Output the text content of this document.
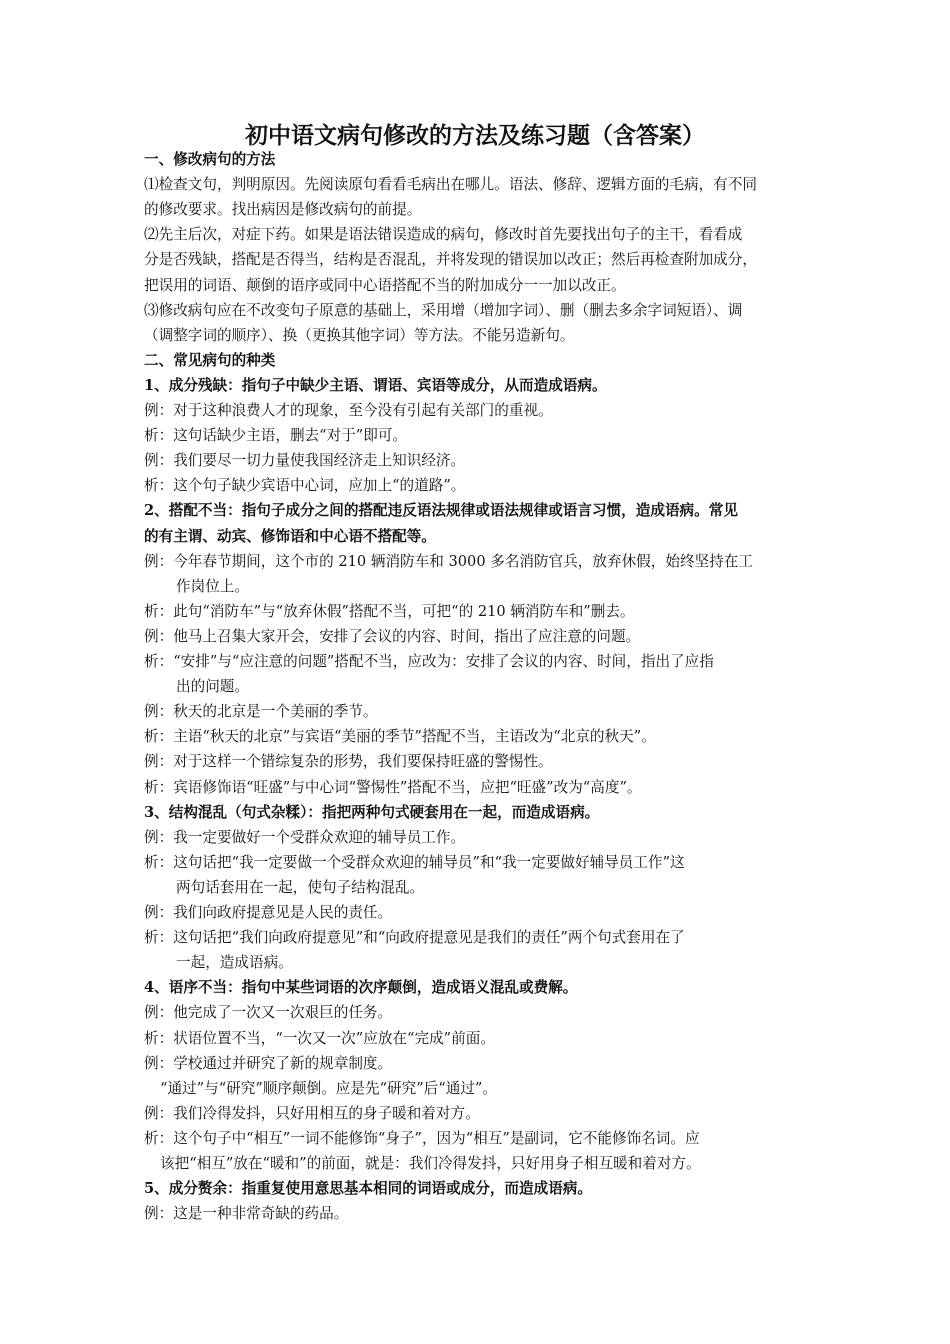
初中语文病句修改的方法及练习题（含答案）
一、修改病句的方法
⑴检查文句，判明原因。先阅读原句看看毛病出在哪儿。语法、修辞、逻辑方面的毛病，有不同
的修改要求。找出病因是修改病句的前提。
⑵先主后次，对症下药。如果是语法错误造成的病句，修改时首先要找出句子的主干，看看成
分是否残缺，搭配是否得当，结构是否混乱，并将发现的错误加以改正；然后再检查附加成分，
把误用的词语、颠倒的语序或同中心语搭配不当的附加成分一一加以改正。
⑶修改病句应在不改变句子原意的基础上，采用增（增加字词）、删（删去多余字词短语）、调
（调整字词的顺序）、换（更换其他字词）等方法。不能另造新句。
二、常见病句的种类
1、成分残缺：指句子中缺少主语、谓语、宾语等成分，从而造成语病。
例：对于这种浪费人才的现象，至今没有引起有关部门的重视。
析：这句话缺少主语，删去“对于”即可。
例：我们要尽一切力量使我国经济走上知识经济。
析：这个句子缺少宾语中心词，应加上“的道路”。
2、搭配不当：指句子成分之间的搭配违反语法规律或语法规律或语言习惯，造成语病。常见
的有主谓、动宾、修饰语和中心语不搭配等。
例：今年春节期间，这个市的 210 辆消防车和 3000 多名消防官兵，放弃休假，始终坚持在工
作岗位上。
析：此句“消防车”与“放弃休假”搭配不当，可把“的 210 辆消防车和”删去。
例：他马上召集大家开会，安排了会议的内容、时间，指出了应注意的问题。
析：“安排”与“应注意的问题”搭配不当，应改为：安排了会议的内容、时间，指出了应指
出的问题。
例：秋天的北京是一个美丽的季节。
析：主语“秋天的北京”与宾语“美丽的季节”搭配不当，主语改为“北京的秋天”。
例：对于这样一个错综复杂的形势，我们要保持旺盛的警惕性。
析：宾语修饰语“旺盛”与中心词“警惕性”搭配不当，应把“旺盛”改为“高度”。
3、结构混乱（句式杂糅）：指把两种句式硬套用在一起，而造成语病。
例：我一定要做好一个受群众欢迎的辅导员工作。
析：这句话把“我一定要做一个受群众欢迎的辅导员”和“我一定要做好辅导员工作”这
两句话套用在一起，使句子结构混乱。
例：我们向政府提意见是人民的责任。
析：这句话把“我们向政府提意见”和“向政府提意见是我们的责任”两个句式套用在了
一起，造成语病。
4、语序不当：指句中某些词语的次序颠倒，造成语义混乱或费解。
例：他完成了一次又一次艰巨的任务。
析：状语位置不当，“一次又一次”应放在“完成”前面。
例：学校通过并研究了新的规章制度。
“通过”与“研究”顺序颠倒。应是先“研究”后“通过”。
例：我们冷得发抖，只好用相互的身子暖和着对方。
析：这个句子中“相互”一词不能修饰“身子”，因为“相互”是副词，它不能修饰名词。应
该把“相互”放在“暖和”的前面，就是：我们冷得发抖，只好用身子相互暖和着对方。
5、成分赘余：指重复使用意思基本相同的词语或成分，而造成语病。
例：这是一种非常奇缺的药品。
